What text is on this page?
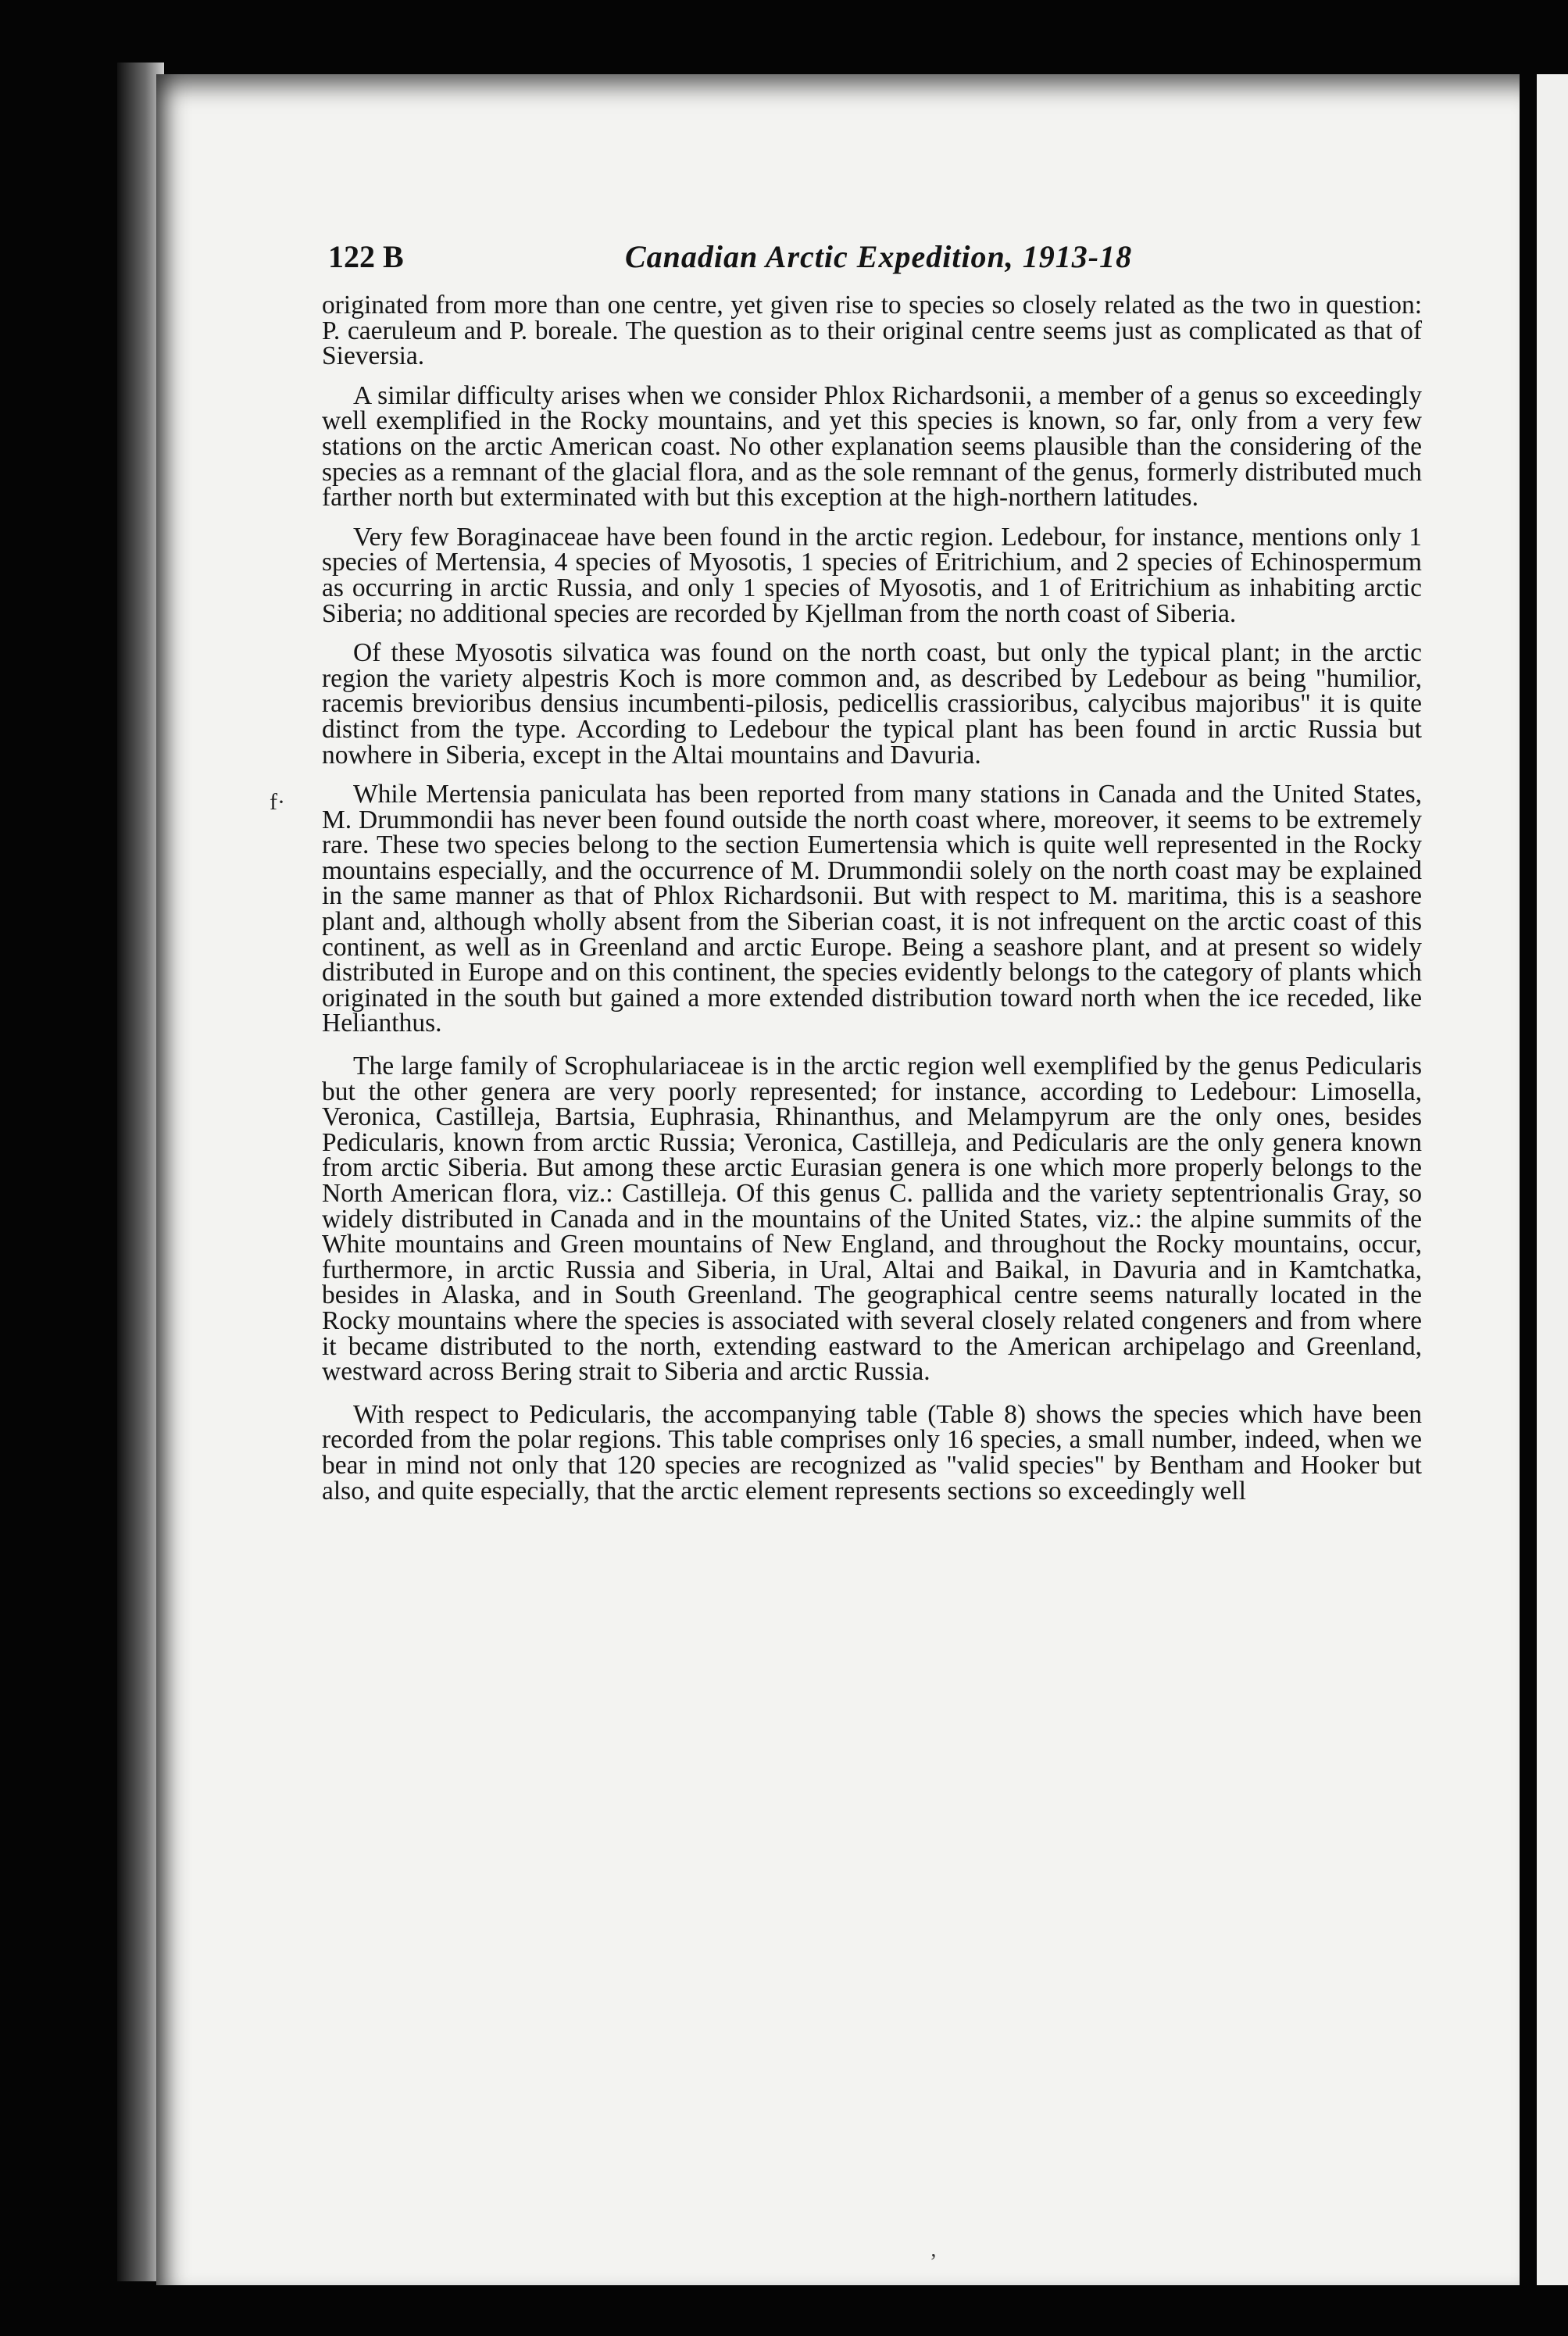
122 B	Canadian Arctic Expedition, 1913-18

originated from more than one centre, yet given rise to species so closely related as the two in question: P. caeruleum and P. boreale. The question as to their original centre seems just as complicated as that of Sieversia.

A similar difficulty arises when we consider Phlox Richardsonii, a member of a genus so exceedingly well exemplified in the Rocky mountains, and yet this species is known, so far, only from a very few stations on the arctic American coast. No other explanation seems plausible than the considering of the species as a remnant of the glacial flora, and as the sole remnant of the genus, formerly distributed much farther north but exterminated with but this exception at the high-northern latitudes.

Very few Boraginaceae have been found in the arctic region. Ledebour, for instance, mentions only 1 species of Mertensia, 4 species of Myosotis, 1 species of Eritrichium, and 2 species of Echinospermum as occurring in arctic Russia, and only 1 species of Myosotis, and 1 of Eritrichium as inhabiting arctic Siberia; no additional species are recorded by Kjellman from the north coast of Siberia.

Of these Myosotis silvatica was found on the north coast, but only the typical plant; in the arctic region the variety alpestris Koch is more common and, as described by Ledebour as being "humilior, racemis brevioribus densius incumbenti-pilosis, pedicellis crassioribus, calycibus majoribus" it is quite distinct from the type. According to Ledebour the typical plant has been found in arctic Russia but nowhere in Siberia, except in the Altai mountains and Davuria.

While Mertensia paniculata has been reported from many stations in Canada and the United States, M. Drummondii has never been found outside the north coast where, moreover, it seems to be extremely rare. These two species belong to the section Eumertensia which is quite well represented in the Rocky mountains especially, and the occurrence of M. Drummondii solely on the north coast may be explained in the same manner as that of Phlox Richardsonii. But with respect to M. maritima, this is a seashore plant and, although wholly absent from the Siberian coast, it is not infrequent on the arctic coast of this continent, as well as in Greenland and arctic Europe. Being a seashore plant, and at present so widely distributed in Europe and on this continent, the species evidently belongs to the category of plants which originated in the south but gained a more extended distribution toward north when the ice receded, like Helianthus.

The large family of Scrophulariaceae is in the arctic region well exemplified by the genus Pedicularis but the other genera are very poorly represented; for instance, according to Ledebour: Limosella, Veronica, Castilleja, Bartsia, Euphrasia, Rhinanthus, and Melampyrum are the only ones, besides Pedicularis, known from arctic Russia; Veronica, Castilleja, and Pedicularis are the only genera known from arctic Siberia. But among these arctic Eurasian genera is one which more properly belongs to the North American flora, viz.: Castilleja. Of this genus C. pallida and the variety septentrionalis Gray, so widely distributed in Canada and in the mountains of the United States, viz.: the alpine summits of the White mountains and Green mountains of New England, and throughout the Rocky mountains, occur, furthermore, in arctic Russia and Siberia, in Ural, Altai and Baikal, in Davuria and in Kamtchatka, besides in Alaska, and in South Greenland. The geographical centre seems naturally located in the Rocky mountains where the species is associated with several closely related congeners and from where it became distributed to the north, extending eastward to the American archipelago and Greenland, westward across Bering strait to Siberia and arctic Russia.

With respect to Pedicularis, the accompanying table (Table 8) shows the species which have been recorded from the polar regions. This table comprises only 16 species, a small number, indeed, when we bear in mind not only that 120 species are recognized as "valid species" by Bentham and Hooker but also, and quite especially, that the arctic element represents sections so exceedingly well

f·
ʼ
